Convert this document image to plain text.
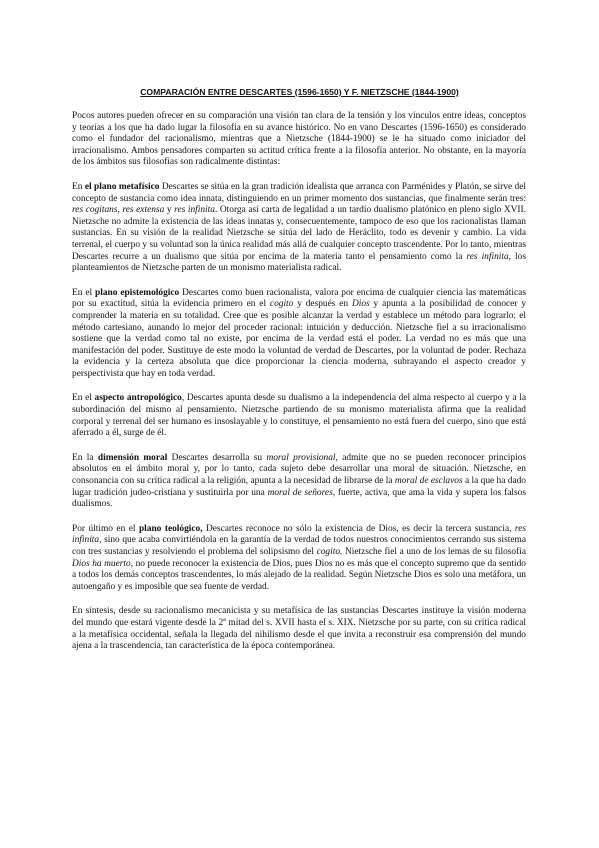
COMPARACIÓN ENTRE DESCARTES (1596-1650) Y F. NIETZSCHE (1844-1900)

Pocos autores pueden ofrecer en su comparación una visión tan clara de la tensión y los vínculos entre ideas, conceptos y teorías a los que ha dado lugar la filosofía en su avance histórico. No en vano Descartes (1596-1650) es considerado como el fundador del racionalismo, mientras que a Nietzsche (1844-1900) se le ha situado como iniciador del irracionalismo. Ambos pensadores comparten su actitud crítica frente a la filosofía anterior. No obstante, en la mayoría de los ámbitos sus filosofías son radicalmente distintas:

En el plano metafísico Descartes se sitúa en la gran tradición idealista que arranca con Parménides y Platón, se sirve del concepto de sustancia como idea innata, distinguiendo en un primer momento dos sustancias, que finalmente serán tres: res cogitans, res extensa y res infinita. Otorga así carta de legalidad a un tardío dualismo platónico en pleno siglo XVII. Nietzsche no admite la existencia de las ideas innatas y, consecuentemente, tampoco de eso que los racionalistas llaman sustancias. En su visión de la realidad Nietzsche se sitúa del lado de Heráclito, todo es devenir y cambio. La vida terrenal, el cuerpo y su voluntad son la única realidad más allá de cualquier concepto trascendente. Por lo tanto, mientras Descartes recurre a un dualismo que sitúa por encima de la materia tanto el pensamiento como la res infinita, los planteamientos de Nietzsche parten de un monismo materialista radical.

En el plano epistemológico Descartes como buen racionalista, valora por encima de cualquier ciencia las matemáticas por su exactitud, sitúa la evidencia primero en el cogito y después en Dios y apunta a la posibilidad de conocer y comprender la materia en su totalidad. Cree que es posible alcanzar la verdad y establece un método para lograrlo: el método cartesiano, aunando lo mejor del proceder racional: intuición y deducción. Nietzsche fiel a su irracionalismo sostiene que la verdad como tal no existe, por encima de la verdad está el poder. La verdad no es más que una manifestación del poder. Sustituye de este modo la voluntad de verdad de Descartes, por la voluntad de poder. Rechaza la evidencia y la certeza absoluta que dice proporcionar la ciencia moderna, subrayando el aspecto creador y perspectivista que hay en toda verdad.

En el aspecto antropológico, Descartes apunta desde su dualismo a la independencia del alma respecto al cuerpo y a la subordinación del mismo al pensamiento. Nietzsche partiendo de su monismo materialista afirma que la realidad corporal y terrenal del ser humano es insoslayable y lo constituye, el pensamiento no está fuera del cuerpo, sino que está aferrado a él, surge de él.

En la dimensión moral Descartes desarrolla su moral provisional, admite que no se pueden reconocer principios absolutos en el ámbito moral y, por lo tanto, cada sujeto debe desarrollar una moral de situación. Nietzsche, en consonancia con su crítica radical a la religión, apunta a la necesidad de librarse de la moral de esclavos a la que ha dado lugar tradición judeo-cristiana y sustituirla por una moral de señores, fuerte, activa, que ama la vida y supera los falsos dualismos.

Por último en el plano teológico, Descartes reconoce no sólo la existencia de Dios, es decir la tercera sustancia, res infinita, sino que acaba convirtiéndola en la garantía de la verdad de todos nuestros conocimientos cerrando sus sistema con tres sustancias y resolviendo el problema del solipsismo del cogito. Nietzsche fiel a uno de los lemas de su filosofía Dios ha muerto, no puede reconocer la existencia de Dios, pues Dios no es más que el concepto supremo que da sentido a todos los demás conceptos trascendentes, lo más alejado de la realidad. Según Nietzsche Dios es solo una metáfora, un autoengaño y es imposible que sea fuente de verdad.

En síntesis, desde su racionalismo mecanicista y su metafísica de las sustancias Descartes instituye la visión moderna del mundo que estará vigente desde la 2$^a$ mitad del s. XVII hasta el s. XIX. Nietzsche por su parte, con su crítica radical a la metafísica occidental, señala la llegada del nihilismo desde el que invita a reconstruir esa comprensión del mundo ajena a la trascendencia, tan característica de la época contemporánea.
